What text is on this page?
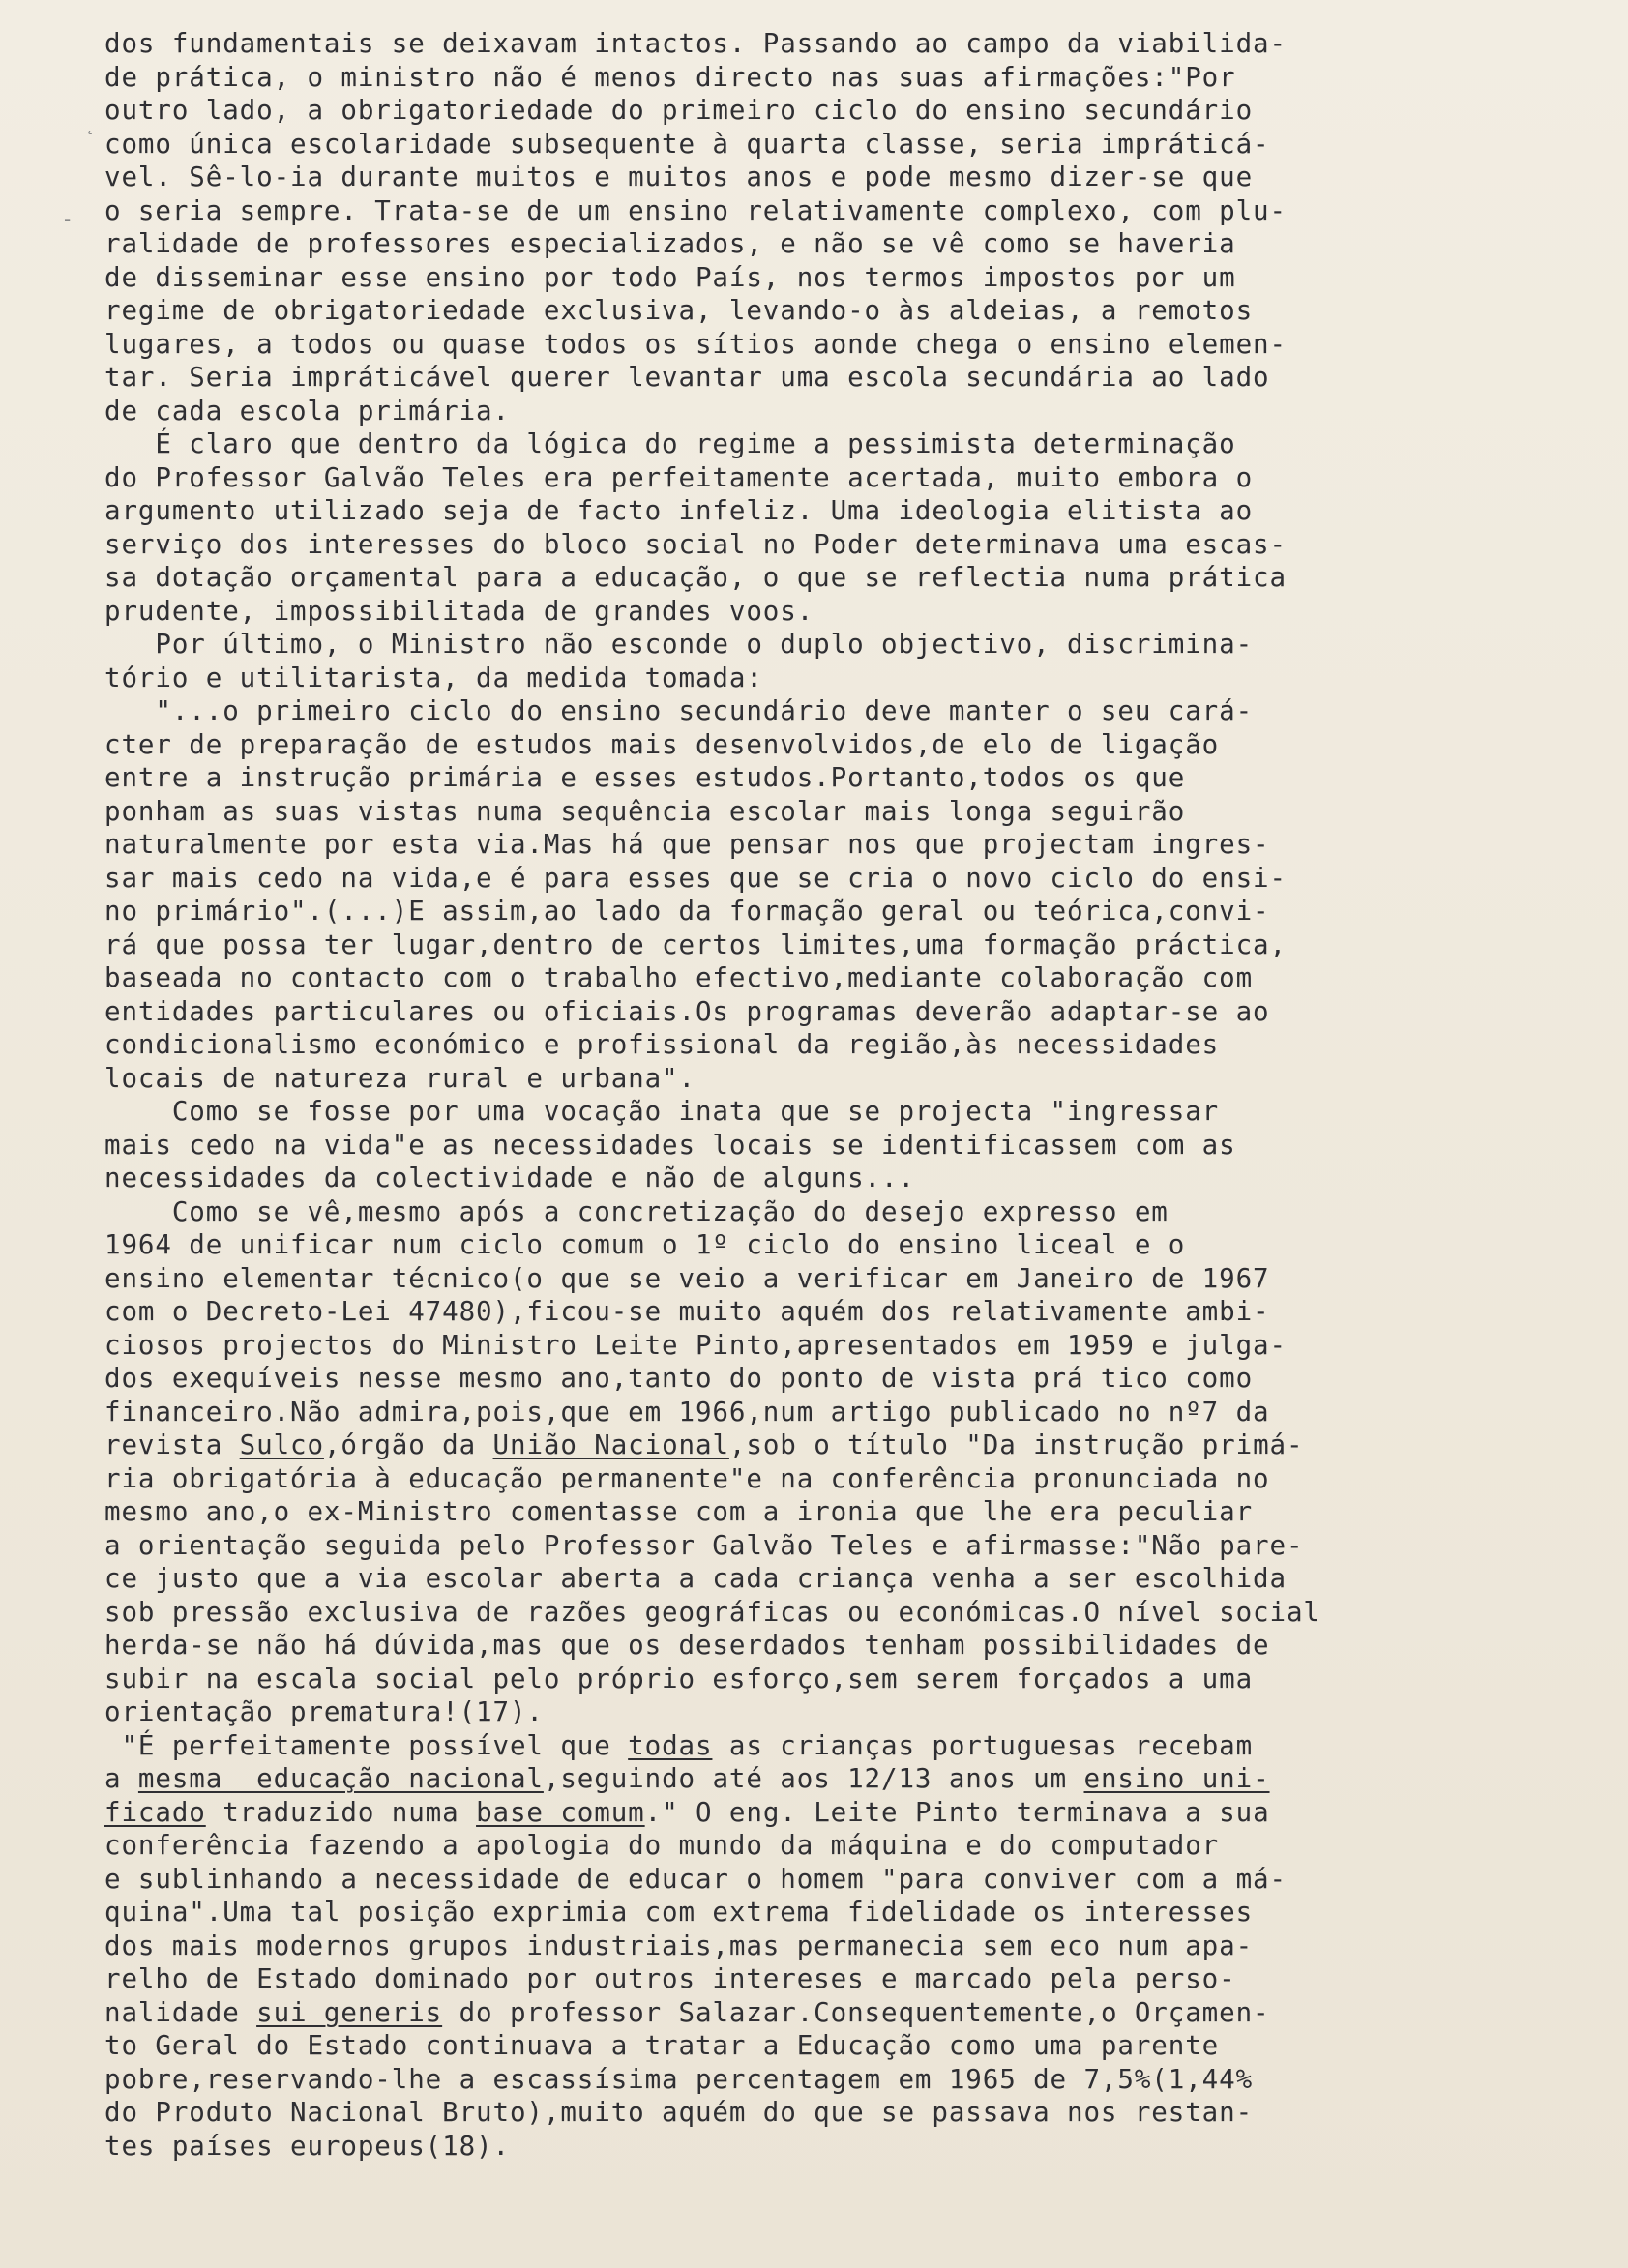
˛
-
dos fundamentais se deixavam intactos. Passando ao campo da viabilida-
de prática, o ministro não é menos directo nas suas afirmações:"Por
outro lado, a obrigatoriedade do primeiro ciclo do ensino secundário
como única escolaridade subsequente à quarta classe, seria impráticá-
vel. Sê-lo-ia durante muitos e muitos anos e pode mesmo dizer-se que
o seria sempre. Trata-se de um ensino relativamente complexo, com plu-
ralidade de professores especializados, e não se vê como se haveria
de disseminar esse ensino por todo País, nos termos impostos por um
regime de obrigatoriedade exclusiva, levando-o às aldeias, a remotos
lugares, a todos ou quase todos os sítios aonde chega o ensino elemen-
tar. Seria impráticável querer levantar uma escola secundária ao lado
de cada escola primária.
É claro que dentro da lógica do regime a pessimista determinação
do Professor Galvão Teles era perfeitamente acertada, muito embora o
argumento utilizado seja de facto infeliz. Uma ideologia elitista ao
serviço dos interesses do bloco social no Poder determinava uma escas-
sa dotação orçamental para a educação, o que se reflectia numa prática
prudente, impossibilitada de grandes voos.
Por último, o Ministro não esconde o duplo objectivo, discrimina-
tório e utilitarista, da medida tomada:
"...o primeiro ciclo do ensino secundário deve manter o seu cará-
cter de preparação de estudos mais desenvolvidos,de elo de ligação
entre a instrução primária e esses estudos.Portanto,todos os que
ponham as suas vistas numa sequência escolar mais longa seguirão
naturalmente por esta via.Mas há que pensar nos que projectam ingres-
sar mais cedo na vida,e é para esses que se cria o novo ciclo do ensi-
no primário".(...)E assim,ao lado da formação geral ou teórica,convi-
rá que possa ter lugar,dentro de certos limites,uma formação práctica,
baseada no contacto com o trabalho efectivo,mediante colaboração com
entidades particulares ou oficiais.Os programas deverão adaptar-se ao
condicionalismo económico e profissional da região,às necessidades
locais de natureza rural e urbana".
Como se fosse por uma vocação inata que se projecta "ingressar
mais cedo na vida"e as necessidades locais se identificassem com as
necessidades da colectividade e não de alguns...
Como se vê,mesmo após a concretização do desejo expresso em
1964 de unificar num ciclo comum o 1º ciclo do ensino liceal e o
ensino elementar técnico(o que se veio a verificar em Janeiro de 1967
com o Decreto-Lei 47480),ficou-se muito aquém dos relativamente ambi-
ciosos projectos do Ministro Leite Pinto,apresentados em 1959 e julga-
dos exequíveis nesse mesmo ano,tanto do ponto de vista prá tico como
financeiro.Não admira,pois,que em 1966,num artigo publicado no nº7 da
revista Sulco,órgão da União Nacional,sob o título "Da instrução primá-
ria obrigatória à educação permanente"e na conferência pronunciada no
mesmo ano,o ex-Ministro comentasse com a ironia que lhe era peculiar
a orientação seguida pelo Professor Galvão Teles e afirmasse:"Não pare-
ce justo que a via escolar aberta a cada criança venha a ser escolhida
sob pressão exclusiva de razões geográficas ou económicas.O nível social
herda-se não há dúvida,mas que os deserdados tenham possibilidades de
subir na escala social pelo próprio esforço,sem serem forçados a uma
orientação prematura!(17).
"É perfeitamente possível que todas as crianças portuguesas recebam
a mesma  educação nacional,seguindo até aos 12/13 anos um ensino uni-
ficado traduzido numa base comum." O eng. Leite Pinto terminava a sua
conferência fazendo a apologia do mundo da máquina e do computador
e sublinhando a necessidade de educar o homem "para conviver com a má-
quina".Uma tal posição exprimia com extrema fidelidade os interesses
dos mais modernos grupos industriais,mas permanecia sem eco num apa-
relho de Estado dominado por outros intereses e marcado pela perso-
nalidade sui generis do professor Salazar.Consequentemente,o Orçamen-
to Geral do Estado continuava a tratar a Educação como uma parente
pobre,reservando-lhe a escassísima percentagem em 1965 de 7,5%(1,44%
do Produto Nacional Bruto),muito aquém do que se passava nos restan-
tes países europeus(18).
